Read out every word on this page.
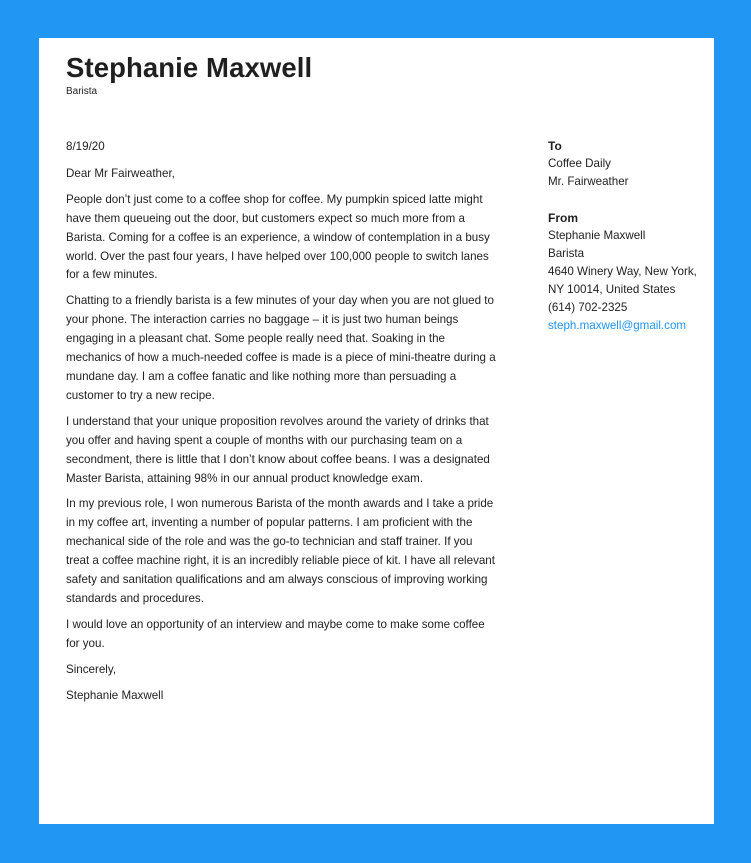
Stephanie Maxwell
Barista

8/19/20

Dear Mr Fairweather,

People don’t just come to a coffee shop for coffee. My pumpkin spiced latte might have them queueing out the door, but customers expect so much more from a Barista. Coming for a coffee is an experience, a window of contemplation in a busy world. Over the past four years, I have helped over 100,000 people to switch lanes for a few minutes.

Chatting to a friendly barista is a few minutes of your day when you are not glued to your phone. The interaction carries no baggage – it is just two human beings engaging in a pleasant chat. Some people really need that. Soaking in the mechanics of how a much-needed coffee is made is a piece of mini-theatre during a mundane day. I am a coffee fanatic and like nothing more than persuading a customer to try a new recipe.

I understand that your unique proposition revolves around the variety of drinks that you offer and having spent a couple of months with our purchasing team on a secondment, there is little that I don’t know about coffee beans. I was a designated Master Barista, attaining 98% in our annual product knowledge exam.

In my previous role, I won numerous Barista of the month awards and I take a pride in my coffee art, inventing a number of popular patterns. I am proficient with the mechanical side of the role and was the go-to technician and staff trainer. If you treat a coffee machine right, it is an incredibly reliable piece of kit. I have all relevant safety and sanitation qualifications and am always conscious of improving working standards and procedures.

I would love an opportunity of an interview and maybe come to make some coffee for you.

Sincerely,

Stephanie Maxwell

To
Coffee Daily
Mr. Fairweather
From
Stephanie Maxwell
Barista
4640 Winery Way, New York, NY 10014, United States
(614) 702-2325
steph.maxwell@gmail.com
